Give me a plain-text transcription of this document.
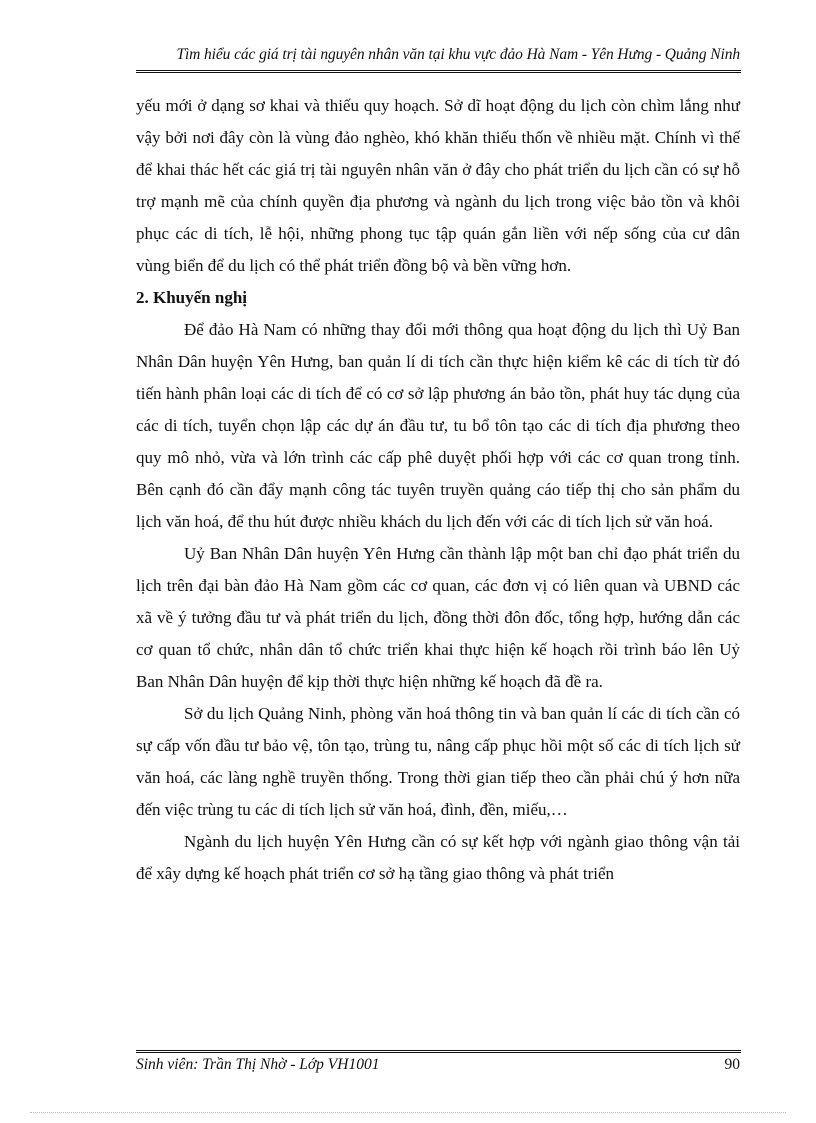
Tìm hiểu các giá trị tài nguyên nhân văn tại khu vực đảo Hà Nam - Yên Hưng - Quảng Ninh

yếu mới ở dạng sơ khai và thiếu quy hoạch. Sở dĩ hoạt động du lịch còn chìm lắng như vậy bởi nơi đây còn là vùng đảo nghèo, khó khăn thiếu thốn về nhiều mặt. Chính vì thế để khai thác hết các giá trị tài nguyên nhân văn ở đây cho phát triển du lịch cần có sự hỗ trợ mạnh mẽ của chính quyền địa phương và ngành du lịch trong việc bảo tồn và khôi phục các di tích, lễ hội, những phong tục tập quán gắn liền với nếp sống của cư dân vùng biển để du lịch có thể phát triển đồng bộ và bền vững hơn.

2. Khuyến nghị

Để đảo Hà Nam có những thay đổi mới thông qua hoạt động du lịch thì Uỷ Ban Nhân Dân huyện Yên Hưng, ban quản lí di tích cần thực hiện kiểm kê các di tích từ đó tiến hành phân loại các di tích để có cơ sở lập phương án bảo tồn, phát huy tác dụng của các di tích, tuyển chọn lập các dự án đầu tư, tu bổ tôn tạo các di tích địa phương theo quy mô nhỏ, vừa và lớn trình các cấp phê duyệt phối hợp với các cơ quan trong tỉnh. Bên cạnh đó cần đẩy mạnh công tác tuyên truyền quảng cáo tiếp thị cho sản phẩm du lịch văn hoá, để thu hút được nhiều khách du lịch đến với các di tích lịch sử văn hoá.

Uỷ Ban Nhân Dân huyện Yên Hưng cần thành lập một ban chỉ đạo phát triển du lịch trên đại bàn đảo Hà Nam gồm các cơ quan, các đơn vị có liên quan và UBND các xã về ý tưởng đầu tư và phát triển du lịch, đồng thời đôn đốc, tổng hợp, hướng dẫn các cơ quan tổ chức, nhân dân tổ chức triển khai thực hiện kế hoạch rồi trình báo lên Uỷ Ban Nhân Dân huyện để kịp thời thực hiện những kế hoạch đã đề ra.

Sở du lịch Quảng Ninh, phòng văn hoá thông tin và ban quản lí các di tích cần có sự cấp vốn đầu tư bảo vệ, tôn tạo, trùng tu, nâng cấp phục hồi một số các di tích lịch sử văn hoá, các làng nghề truyền thống. Trong thời gian tiếp theo cần phải chú ý hơn nữa đến việc trùng tu các di tích lịch sử văn hoá, đình, đền, miếu,…

Ngành du lịch huyện Yên Hưng cần có sự kết hợp với ngành giao thông vận tải để xây dựng kế hoạch phát triển cơ sở hạ tầng giao thông và phát triển

Sinh viên: Trần Thị Nhờ - Lớp VH1001	90
